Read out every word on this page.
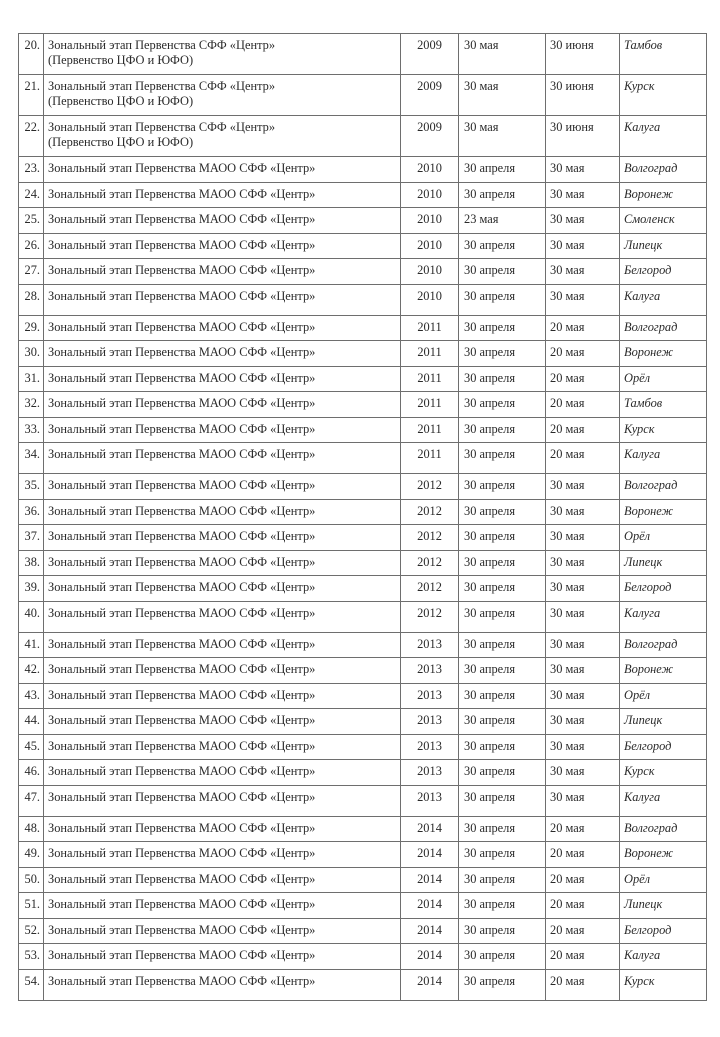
20.	Зональный этап Первенства СФФ «Центр»
(Первенство ЦФО и ЮФО)	2009	30 мая	30 июня	Тамбов
21.	Зональный этап Первенства СФФ «Центр»
(Первенство ЦФО и ЮФО)	2009	30 мая	30 июня	Курск
22.	Зональный этап Первенства СФФ «Центр»
(Первенство ЦФО и ЮФО)	2009	30 мая	30 июня	Калуга
23.	Зональный этап Первенства МАОО СФФ «Центр»	2010	30 апреля	30 мая	Волгоград
24.	Зональный этап Первенства МАОО СФФ «Центр»	2010	30 апреля	30 мая	Воронеж
25.	Зональный этап Первенства МАОО СФФ «Центр»	2010	23 мая	30 мая	Смоленск
26.	Зональный этап Первенства МАОО СФФ «Центр»	2010	30 апреля	30 мая	Липецк
27.	Зональный этап Первенства МАОО СФФ «Центр»	2010	30 апреля	30 мая	Белгород
28.	Зональный этап Первенства МАОО СФФ «Центр»	2010	30 апреля	30 мая	Калуга
29.	Зональный этап Первенства МАОО СФФ «Центр»	2011	30 апреля	20 мая	Волгоград
30.	Зональный этап Первенства МАОО СФФ «Центр»	2011	30 апреля	20 мая	Воронеж
31.	Зональный этап Первенства МАОО СФФ «Центр»	2011	30 апреля	20 мая	Орёл
32.	Зональный этап Первенства МАОО СФФ «Центр»	2011	30 апреля	20 мая	Тамбов
33.	Зональный этап Первенства МАОО СФФ «Центр»	2011	30 апреля	20 мая	Курск
34.	Зональный этап Первенства МАОО СФФ «Центр»	2011	30 апреля	20 мая	Калуга
35.	Зональный этап Первенства МАОО СФФ «Центр»	2012	30 апреля	30 мая	Волгоград
36.	Зональный этап Первенства МАОО СФФ «Центр»	2012	30 апреля	30 мая	Воронеж
37.	Зональный этап Первенства МАОО СФФ «Центр»	2012	30 апреля	30 мая	Орёл
38.	Зональный этап Первенства МАОО СФФ «Центр»	2012	30 апреля	30 мая	Липецк
39.	Зональный этап Первенства МАОО СФФ «Центр»	2012	30 апреля	30 мая	Белгород
40.	Зональный этап Первенства МАОО СФФ «Центр»	2012	30 апреля	30 мая	Калуга
41.	Зональный этап Первенства МАОО СФФ «Центр»	2013	30 апреля	30 мая	Волгоград
42.	Зональный этап Первенства МАОО СФФ «Центр»	2013	30 апреля	30 мая	Воронеж
43.	Зональный этап Первенства МАОО СФФ «Центр»	2013	30 апреля	30 мая	Орёл
44.	Зональный этап Первенства МАОО СФФ «Центр»	2013	30 апреля	30 мая	Липецк
45.	Зональный этап Первенства МАОО СФФ «Центр»	2013	30 апреля	30 мая	Белгород
46.	Зональный этап Первенства МАОО СФФ «Центр»	2013	30 апреля	30 мая	Курск
47.	Зональный этап Первенства МАОО СФФ «Центр»	2013	30 апреля	30 мая	Калуга
48.	Зональный этап Первенства МАОО СФФ «Центр»	2014	30 апреля	20 мая	Волгоград
49.	Зональный этап Первенства МАОО СФФ «Центр»	2014	30 апреля	20 мая	Воронеж
50.	Зональный этап Первенства МАОО СФФ «Центр»	2014	30 апреля	20 мая	Орёл
51.	Зональный этап Первенства МАОО СФФ «Центр»	2014	30 апреля	20 мая	Липецк
52.	Зональный этап Первенства МАОО СФФ «Центр»	2014	30 апреля	20 мая	Белгород
53.	Зональный этап Первенства МАОО СФФ «Центр»	2014	30 апреля	20 мая	Калуга
54.	Зональный этап Первенства МАОО СФФ «Центр»	2014	30 апреля	20 мая	Курск
